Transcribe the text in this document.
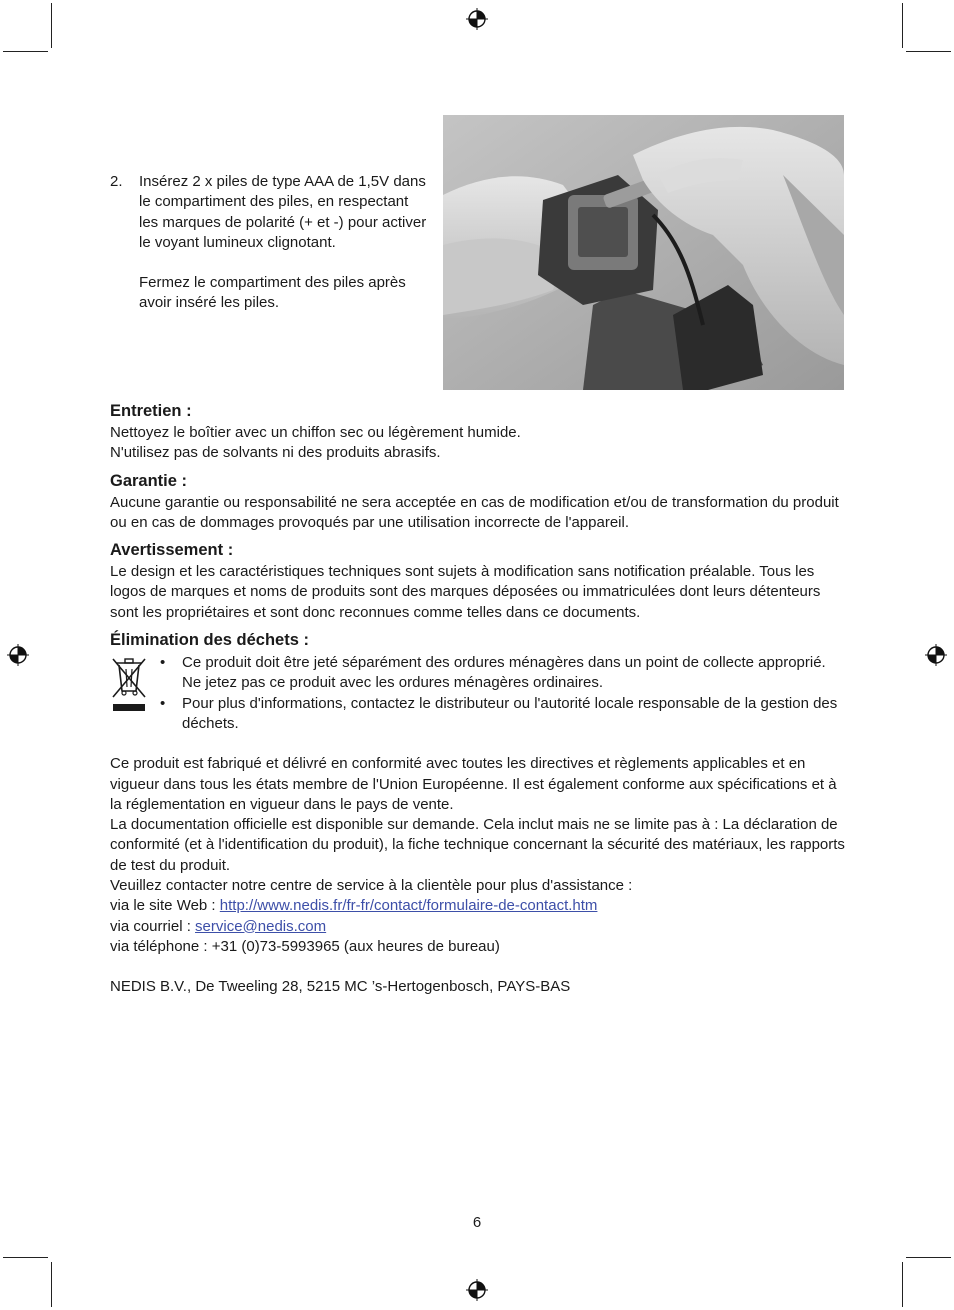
2. Insérez 2 x piles de type AAA de 1,5V dans le compartiment des piles, en respectant les marques de polarité (+ et -) pour activer le voyant lumineux clignotant.

Fermez le compartiment des piles après avoir inséré les piles.

Entretien :

Nettoyez le boîtier avec un chiffon sec ou légèrement humide.

N'utilisez pas de solvants ni des produits abrasifs.

Garantie :

Aucune garantie ou responsabilité ne sera acceptée en cas de modification et/ou de transformation du produit ou en cas de dommages provoqués par une utilisation incorrecte de l'appareil.

Avertissement :

Le design et les caractéristiques techniques sont sujets à modification sans notification préalable. Tous les logos de marques et noms de produits sont des marques déposées ou immatriculées dont leurs détenteurs sont les propriétaires et sont donc reconnues comme telles dans ce documents.

Élimination des déchets :
• Ce produit doit être jeté séparément des ordures ménagères dans un point de collecte approprié. Ne jetez pas ce produit avec les ordures ménagères ordinaires.
• Pour plus d'informations, contactez le distributeur ou l'autorité locale responsable de la gestion des déchets.

Ce produit est fabriqué et délivré en conformité avec toutes les directives et règlements applicables et en vigueur dans tous les états membre de l'Union Européenne. Il est également conforme aux spécifications et à la réglementation en vigueur dans le pays de vente.

La documentation officielle est disponible sur demande. Cela inclut mais ne se limite pas à : La déclaration de conformité (et à l'identification du produit), la fiche technique concernant la sécurité des matériaux, les rapports de test du produit.

Veuillez contacter notre centre de service à la clientèle pour plus d'assistance :

via le site Web : http://www.nedis.fr/fr-fr/contact/formulaire-de-contact.htm

via courriel : service@nedis.com

via téléphone : +31 (0)73-5993965 (aux heures de bureau)

NEDIS B.V., De Tweeling 28, 5215 MC ’s-Hertogenbosch, PAYS-BAS

6
